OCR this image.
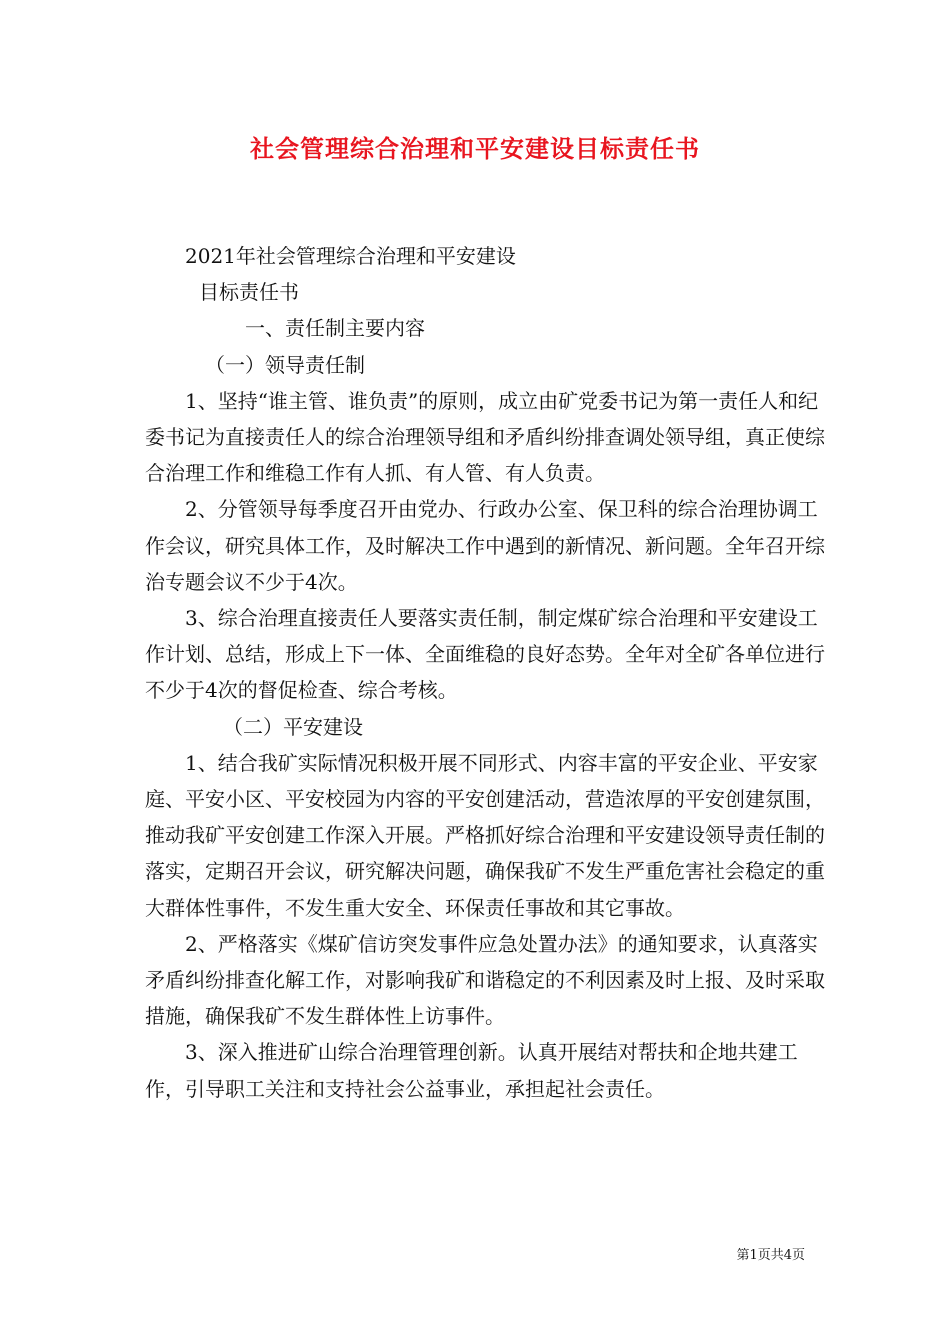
社会管理综合治理和平安建设目标责任书
2021年社会管理综合治理和平安建设
目标责任书
一、责任制主要内容
（一）领导责任制

1、坚持“谁主管、谁负责”的原则，成立由矿党委书记为第一责任人和纪委书记为直接责任人的综合治理领导组和矛盾纠纷排查调处领导组，真正使综合治理工作和维稳工作有人抓、有人管、有人负责。

2、分管领导每季度召开由党办、行政办公室、保卫科的综合治理协调工作会议，研究具体工作，及时解决工作中遇到的新情况、新问题。全年召开综治专题会议不少于4次。

3、综合治理直接责任人要落实责任制，制定煤矿综合治理和平安建设工作计划、总结，形成上下一体、全面维稳的良好态势。全年对全矿各单位进行不少于4次的督促检查、综合考核。

（二）平安建设

1、结合我矿实际情况积极开展不同形式、内容丰富的平安企业、平安家庭、平安小区、平安校园为内容的平安创建活动，营造浓厚的平安创建氛围，推动我矿平安创建工作深入开展。严格抓好综合治理和平安建设领导责任制的落实，定期召开会议，研究解决问题，确保我矿不发生严重危害社会稳定的重大群体性事件，不发生重大安全、环保责任事故和其它事故。

2、严格落实《煤矿信访突发事件应急处置办法》的通知要求，认真落实矛盾纠纷排查化解工作，对影响我矿和谐稳定的不利因素及时上报、及时采取措施，确保我矿不发生群体性上访事件。

3、深入推进矿山综合治理管理创新。认真开展结对帮扶和企地共建工作，引导职工关注和支持社会公益事业，承担起社会责任。

第1页共4页
